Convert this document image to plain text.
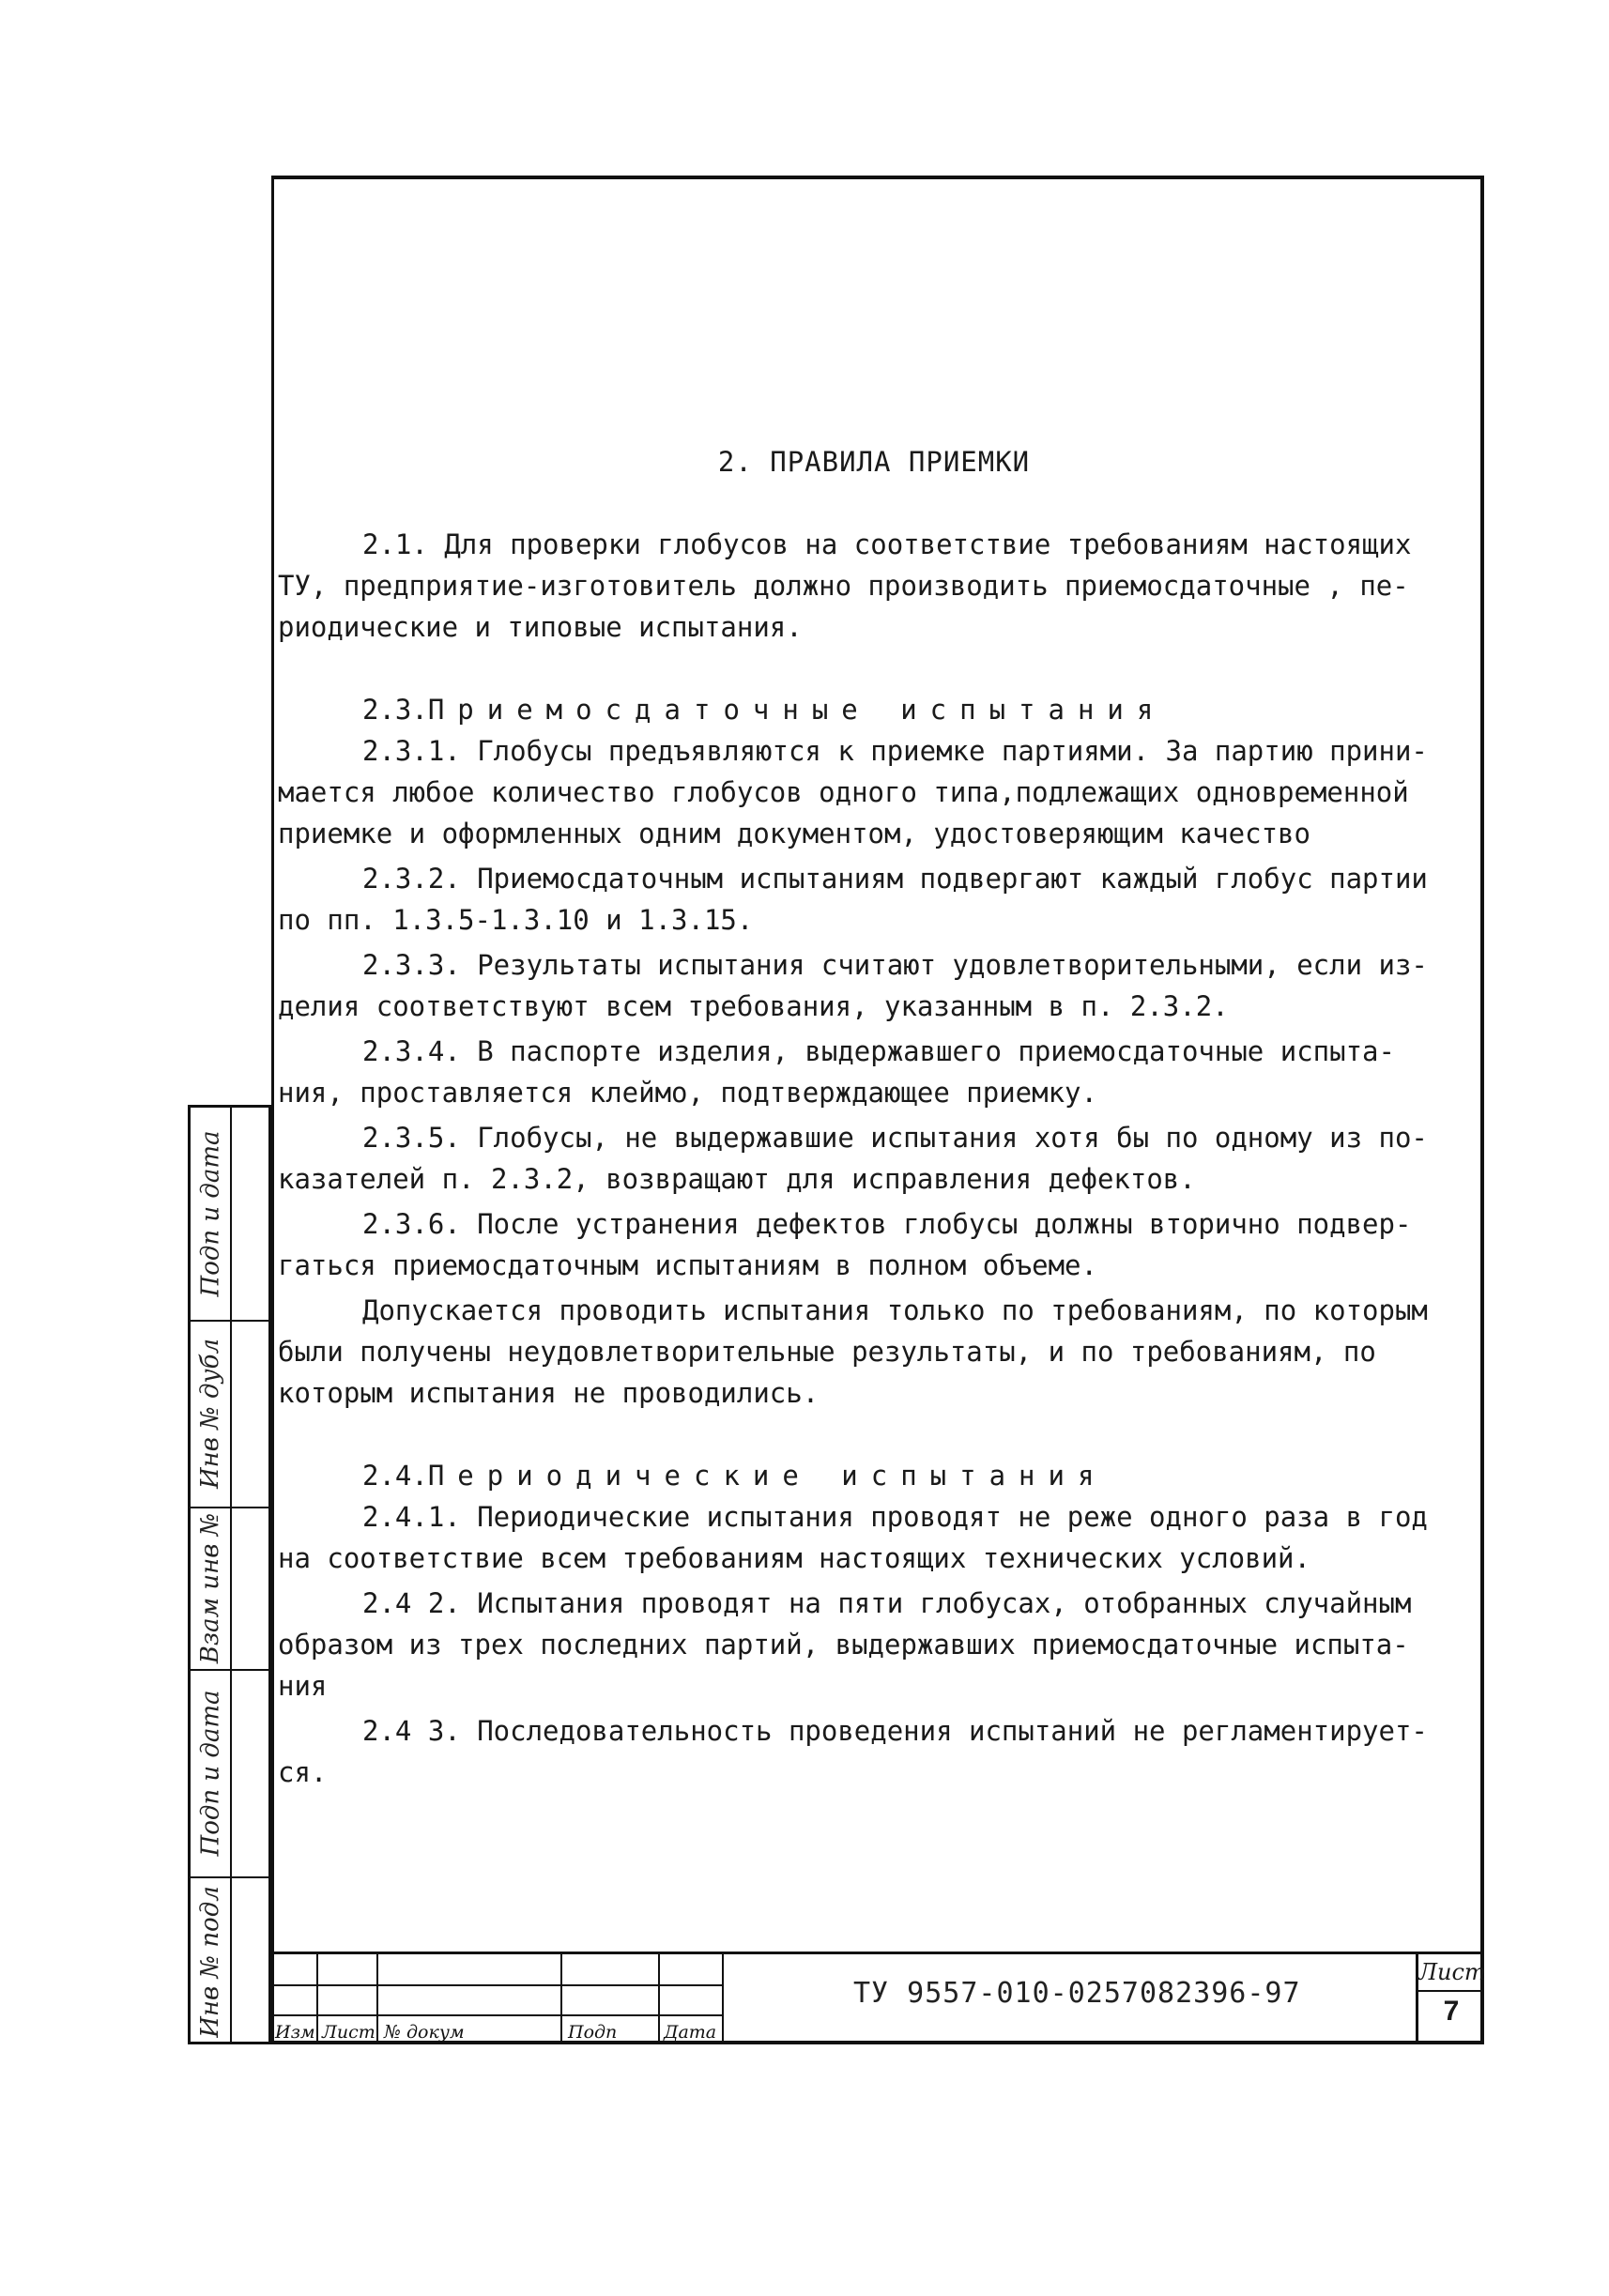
2. ПРАВИЛА ПРИЕМКИ
2.1. Для проверки глобусов на соответствие требованиям настоящих
ТУ, предприятие-изготовитель должно производить приемосдаточные , пе-
риодические и типовые испытания.
2.3.Приемосдаточные испытания
2.3.1. Глобусы предъявляются к приемке партиями. За партию прини-
мается любое количество глобусов одного типа,подлежащих одновременной
приемке и оформленных одним документом, удостоверяющим качество
2.3.2. Приемосдаточным испытаниям подвергают каждый глобус партии
по пп. 1.3.5-1.3.10 и 1.3.15.
2.3.3. Результаты испытания считают удовлетворительными, если из-
делия соответствуют всем требования, указанным в п. 2.3.2.
2.3.4. В паспорте изделия, выдержавшего приемосдаточные испыта-
ния, проставляется клеймо, подтверждающее приемку.
2.3.5. Глобусы, не выдержавшие испытания хотя бы по одному из по-
казателей п. 2.3.2, возвращают для исправления дефектов.
2.3.6. После устранения дефектов глобусы должны вторично подвер-
гаться приемосдаточным испытаниям в полном объеме.
Допускается проводить испытания только по требованиям, по которым
были получены неудовлетворительные результаты, и по требованиям, по
которым испытания не проводились.
2.4.Периодические испытания
2.4.1. Периодические испытания проводят не реже одного раза в год
на соответствие всем требованиям настоящих технических условий.
2.4 2. Испытания проводят на пяти глобусах, отобранных случайным
образом из трех последних партий, выдержавших приемосдаточные испыта-
ния
2.4 3. Последовательность проведения испытаний не регламентирует-
ся.
Подп и дата
Инв № дубл
Взам инв №
Подп и дата
Инв № подл	Изм Лист № докум	Подп	Дата
ТУ 9557-010-0257082396-97
Лист
7
